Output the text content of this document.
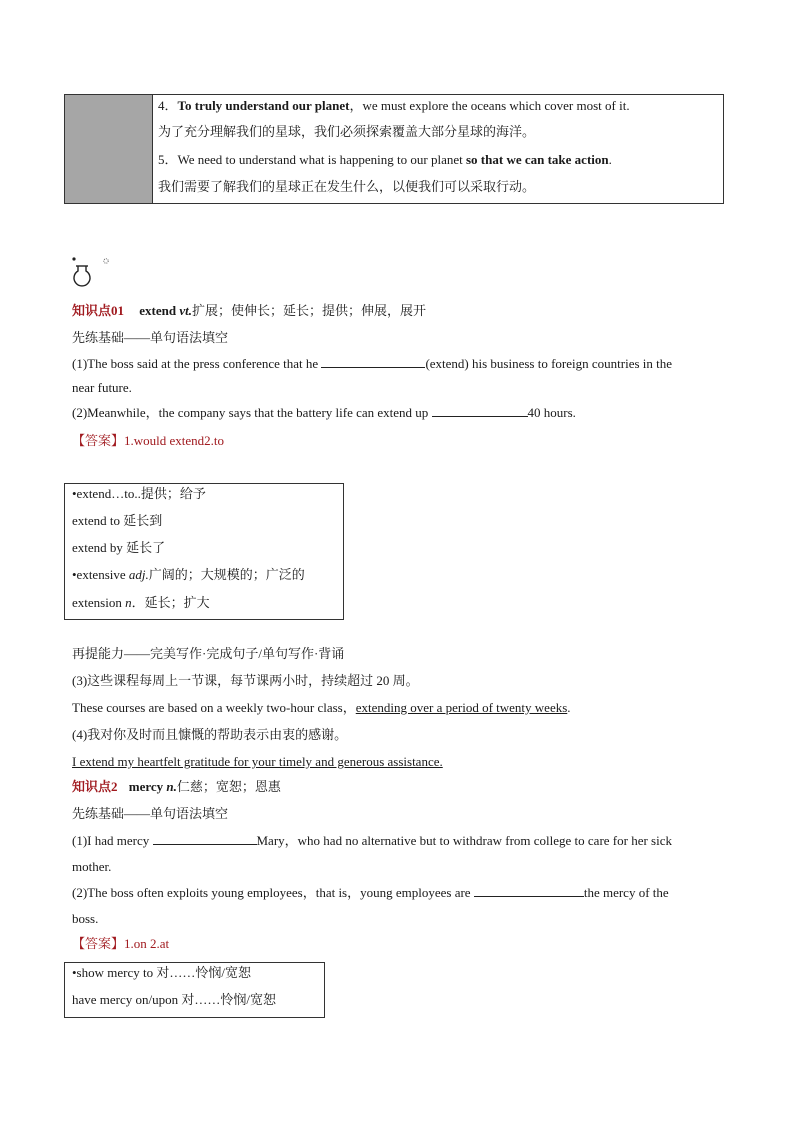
4．To truly understand our planet，we must explore the oceans which cover most of it.
为了充分理解我们的星球，我们必须探索覆盖大部分星球的海洋。
5．We need to understand what is happening to our planet so that we can take action.
我们需要了解我们的星球正在发生什么，以便我们可以采取行动。
知识点01 extend vt.扩展；使伸长；延长；提供；伸展，展开
先练基础——单句语法填空
(1)The boss said at the press conference that he	(extend) his business to foreign countries in the
near future.
(2)Meanwhile，the company says that the battery life can extend up	40 hours.
【答案】1.would extend2.to
•extend…to..提供；给予
extend to 延长到
extend by 延长了
•extensive adj.广阔的；大规模的；广泛的
extension n．延长；扩大
再提能力——完美写作·完成句子/单句写作·背诵
(3)这些课程每周上一节课，每节课两小时，持续超过 20 周。
These courses are based on a weekly two-hour class，extending over a period of twenty weeks.
(4)我对你及时而且慷慨的帮助表示由衷的感谢。
I extend my heartfelt gratitude for your timely and generous assistance.
知识点2 mercy n.仁慈；宽恕；恩惠
先练基础——单句语法填空
(1)I had mercy	Mary，who had no alternative but to withdraw from college to care for her sick
mother.
(2)The boss often exploits young employees，that is，young employees are	the mercy of the
boss.
【答案】1.on 2.at
•show mercy to 对……怜悯/宽恕
have mercy on/upon 对……怜悯/宽恕
